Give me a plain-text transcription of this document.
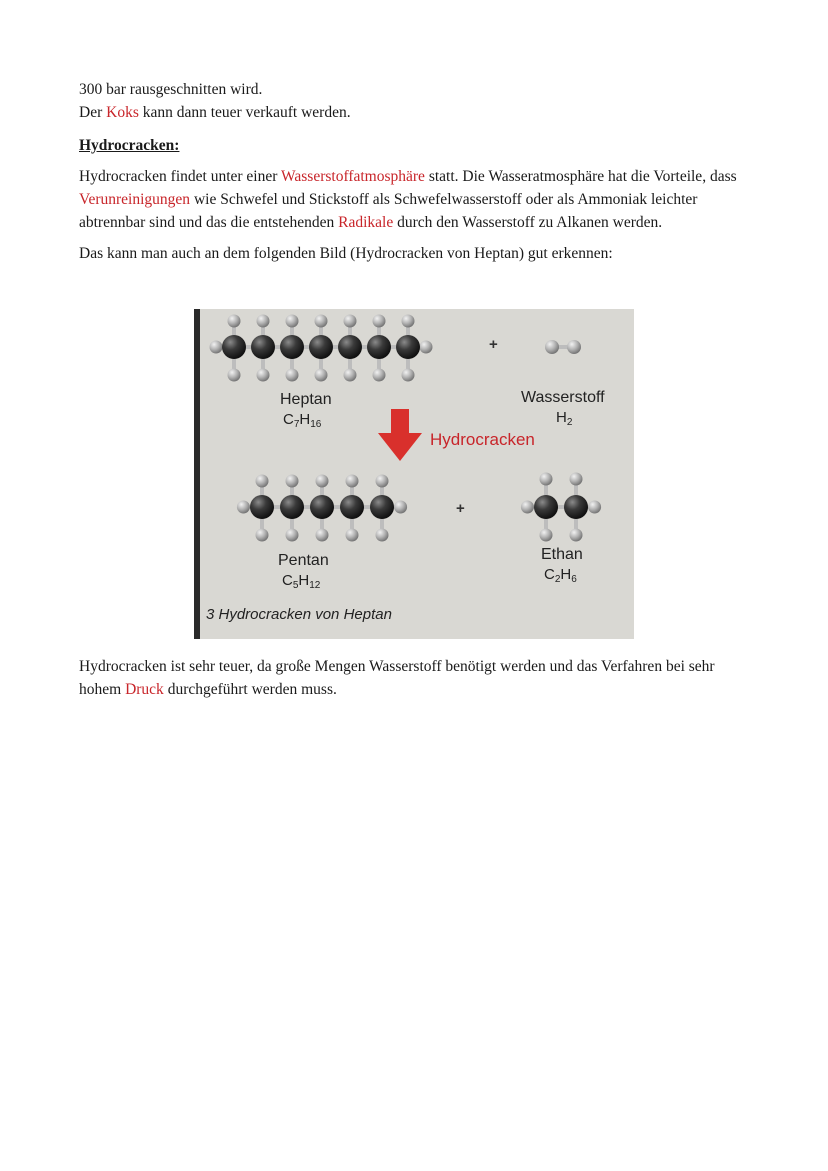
300 bar rausgeschnitten wird.

Der Koks kann dann teuer verkauft werden.

Hydrocracken:

Hydrocracken findet unter einer Wasserstoffatmosphäre statt. Die Wasseratmosphäre hat die Vorteile, dass Verunreinigungen wie Schwefel und Stickstoff als Schwefelwasserstoff oder als Ammoniak leichter abtrennbar sind und das die entstehenden Radikale durch den Wasserstoff zu Alkanen werden.

Das kann man auch an dem folgenden Bild (Hydrocracken von Heptan) gut erkennen:

+
+
Heptan
$C_7H_{16}$
Wasserstoff
$H_2$
Hydrocracken
Pentan
$C_5H_{12}$
Ethan
$C_2H_6$
3 Hydrocracken von Heptan
Hydrocracken ist sehr teuer, da große Mengen Wasserstoff benötigt werden und das Verfahren bei sehr hohem Druck durchgeführt werden muss.
